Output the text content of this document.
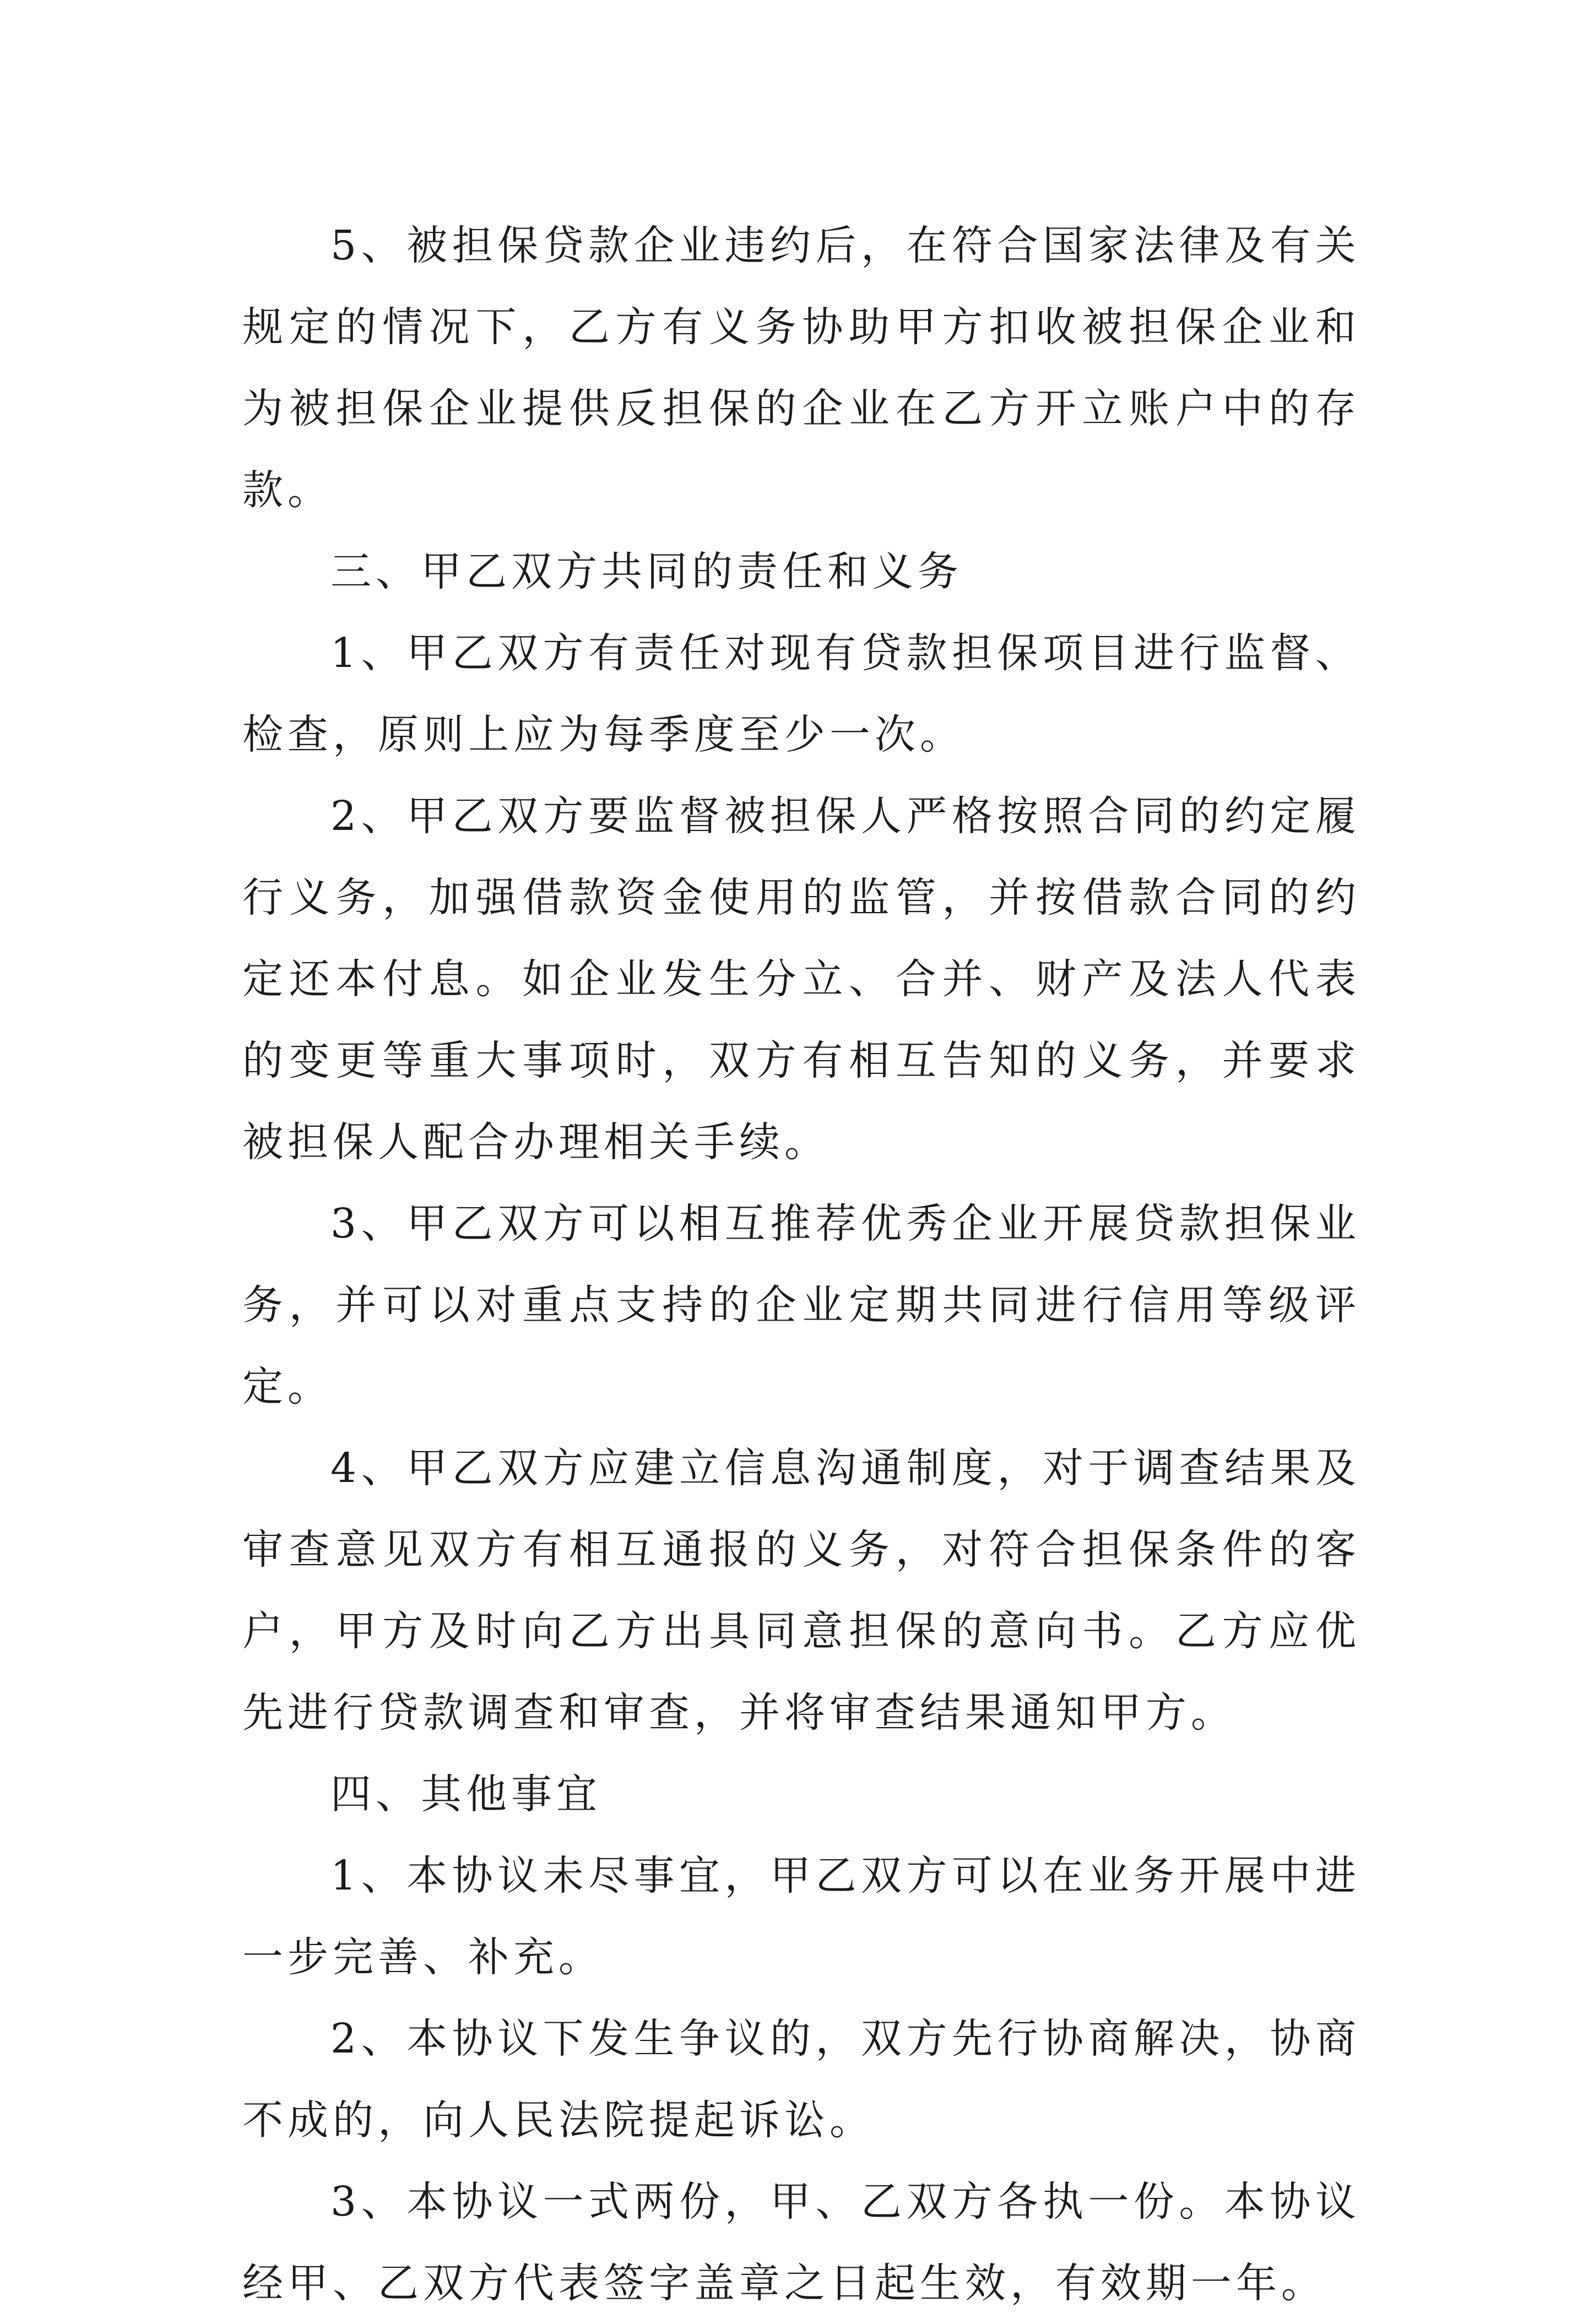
5、被担保贷款企业违约后，在符合国家法律及有关规定的情况下，乙方有义务协助甲方扣收被担保企业和为被担保企业提供反担保的企业在乙方开立账户中的存款。

三、甲乙双方共同的责任和义务

1、甲乙双方有责任对现有贷款担保项目进行监督、检查，原则上应为每季度至少一次。

2、甲乙双方要监督被担保人严格按照合同的约定履行义务，加强借款资金使用的监管，并按借款合同的约定还本付息。如企业发生分立、合并、财产及法人代表的变更等重大事项时，双方有相互告知的义务，并要求被担保人配合办理相关手续。

3、甲乙双方可以相互推荐优秀企业开展贷款担保业务，并可以对重点支持的企业定期共同进行信用等级评定。

4、甲乙双方应建立信息沟通制度，对于调查结果及审查意见双方有相互通报的义务，对符合担保条件的客户，甲方及时向乙方出具同意担保的意向书。乙方应优先进行贷款调查和审查，并将审查结果通知甲方。

四、其他事宜

1、本协议未尽事宜，甲乙双方可以在业务开展中进一步完善、补充。

2、本协议下发生争议的，双方先行协商解决，协商不成的，向人民法院提起诉讼。

3、本协议一式两份，甲、乙双方各执一份。本协议经甲、乙双方代表签字盖章之日起生效，有效期一年。
